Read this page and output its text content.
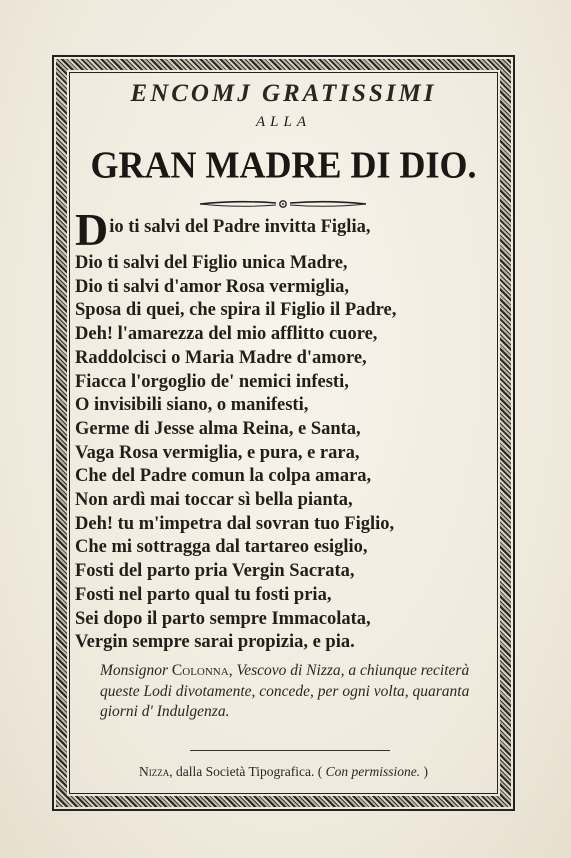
ENCOMJ GRATISSIMI
ALLA
GRAN MADRE DI DIO.
D io ti salvi del Padre invitta Figlia,
Dio ti salvi del Figlio unica Madre,
Dio ti salvi d'amor Rosa vermiglia,
Sposa di quei, che spira il Figlio il Padre,
Deh! l'amarezza del mio afflitto cuore,
Raddolcisci o Maria Madre d'amore,
Fiacca l'orgoglio de' nemici infesti,
O invisibili siano, o manifesti,
Germe di Jesse alma Reina, e Santa,
Vaga Rosa vermiglia, e pura, e rara,
Che del Padre comun la colpa amara,
Non ardì mai toccar sì bella pianta,
Deh! tu m'impetra dal sovran tuo Figlio,
Che mi sottragga dal tartareo esiglio,
Fosti del parto pria Vergin Sacrata,
Fosti nel parto qual tu fosti pria,
Sei dopo il parto sempre Immacolata,
Vergin sempre sarai propizia, e pia.
Monsignor Colonna, Vescovo di Nizza, a chiunque reciterà queste Lodi divotamente, concede, per ogni volta, quaranta giorni d' Indulgenza.
Nizza, dalla Società Tipografica. ( Con permissione. )
